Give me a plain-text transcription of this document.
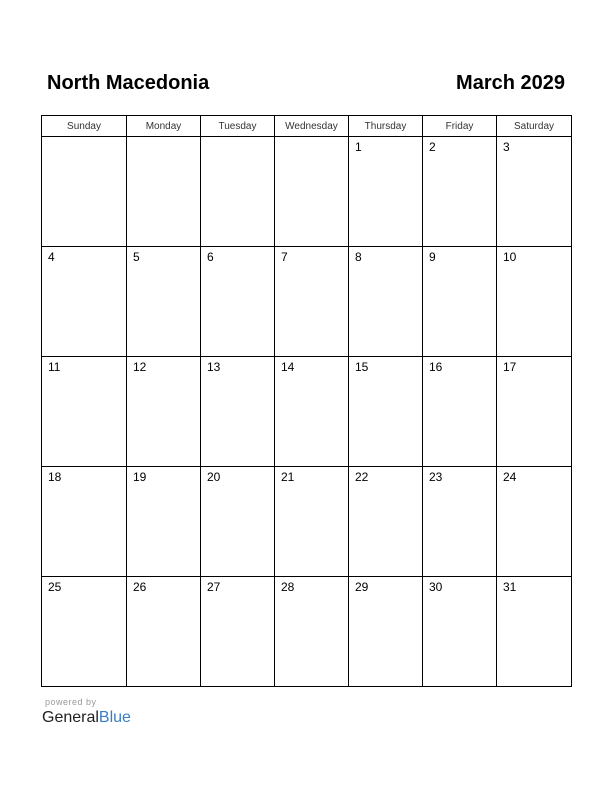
North Macedonia	March 2029
Sunday	Monday	Tuesday	Wednesday	Thursday	Friday	Saturday

				1	2	3

4	5	6	7	8	9	10

11	12	13	14	15	16	17

18	19	20	21	22	23	24

25	26	27	28	29	30	31
powered by
GeneralBlue
